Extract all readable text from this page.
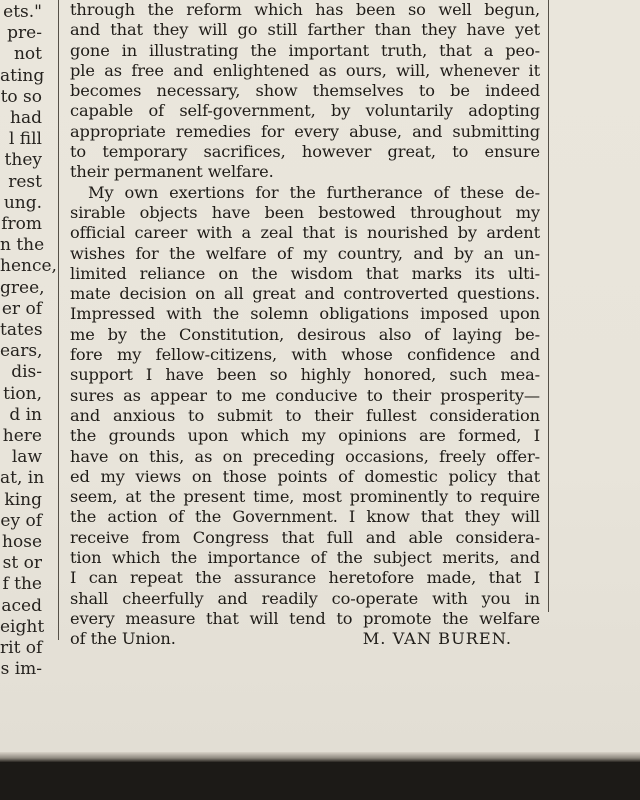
ets."
pre-
not
ating
to so
had
l fill
they
rest
ung.
from
n the
hence,
gree,
er of
tates
ears,
dis-
tion,
d in
here
law
at, in
king
ey of
hose
st or
f the
aced
eight
rit of
s im-
through the reform which has been so well begun,
and that they will go still farther than they have yet
gone in illustrating the important truth, that a peo-
ple as free and enlightened as ours, will, whenever it
becomes necessary, show themselves to be indeed
capable of self-government, by voluntarily adopting
appropriate remedies for every abuse, and submitting
to temporary sacrifices, however great, to ensure
their permanent welfare.
My own exertions for the furtherance of these de-
sirable objects have been bestowed throughout my
official career with a zeal that is nourished by ardent
wishes for the welfare of my country, and by an un-
limited reliance on the wisdom that marks its ulti-
mate decision on all great and controverted questions.
Impressed with the solemn obligations imposed upon
me by the Constitution, desirous also of laying be-
fore my fellow-citizens, with whose confidence and
support I have been so highly honored, such mea-
sures as appear to me conducive to their prosperity—
and anxious to submit to their fullest consideration
the grounds upon which my opinions are formed, I
have on this, as on preceding occasions, freely offer-
ed my views on those points of domestic policy that
seem, at the present time, most prominently to require
the action of the Government. I know that they will
receive from Congress that full and able considera-
tion which the importance of the subject merits, and
I can repeat the assurance heretofore made, that I
shall cheerfully and readily co-operate with you in
every measure that will tend to promote the welfare
of the Union.	M. VAN BUREN.
